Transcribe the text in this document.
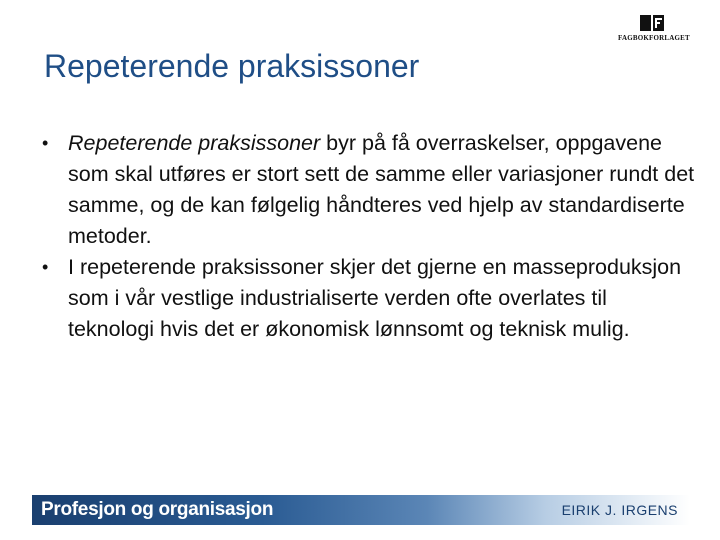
Repeterende praksissoner
FAGBOKFORLAGET
• Repeterende praksissoner byr på få overraskelser, oppgavene som skal utføres er stort sett de samme eller variasjoner rundt det samme, og de kan følgelig håndteres ved hjelp av standardiserte metoder.
• I repeterende praksissoner skjer det gjerne en masseproduksjon som i vår vestlige industrialiserte verden ofte overlates til teknologi hvis det er økonomisk lønnsomt og teknisk mulig.
Profesjon og organisasjon	EIRIK J. IRGENS
